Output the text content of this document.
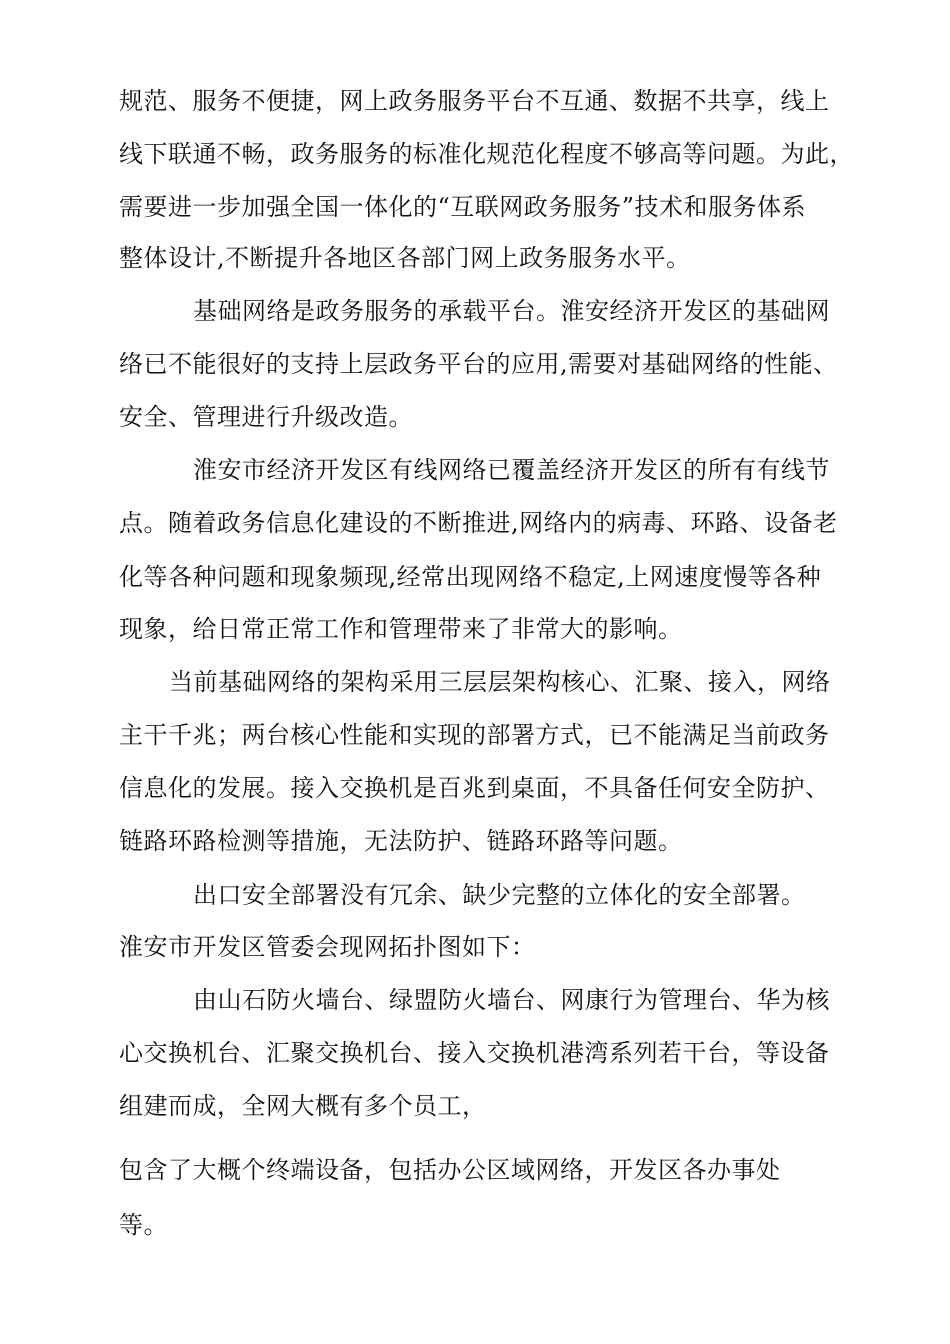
规范、服务不便捷，网上政务服务平台不互通、数据不共享，线上
线下联通不畅，政务服务的标准化规范化程度不够高等问题。为此，
需要进一步加强全国一体化的“互联网政务服务”技术和服务体系
整体设计,不断提升各地区各部门网上政务服务水平。
基础网络是政务服务的承载平台。淮安经济开发区的基础网
络已不能很好的支持上层政务平台的应用,需要对基础网络的性能、
安全、管理进行升级改造。
淮安市经济开发区有线网络已覆盖经济开发区的所有有线节
点。随着政务信息化建设的不断推进,网络内的病毒、环路、设备老
化等各种问题和现象频现,经常出现网络不稳定,上网速度慢等各种
现象，给日常正常工作和管理带来了非常大的影响。
当前基础网络的架构采用三层层架构核心、汇聚、接入，网络
主干千兆；两台核心性能和实现的部署方式，已不能满足当前政务
信息化的发展。接入交换机是百兆到桌面，不具备任何安全防护、
链路环路检测等措施，无法防护、链路环路等问题。
出口安全部署没有冗余、缺少完整的立体化的安全部署。
淮安市开发区管委会现网拓扑图如下：
由山石防火墙台、绿盟防火墙台、网康行为管理台、华为核
心交换机台、汇聚交换机台、接入交换机港湾系列若干台，等设备
组建而成，全网大概有多个员工，
包含了大概个终端设备，包括办公区域网络，开发区各办事处
等。
